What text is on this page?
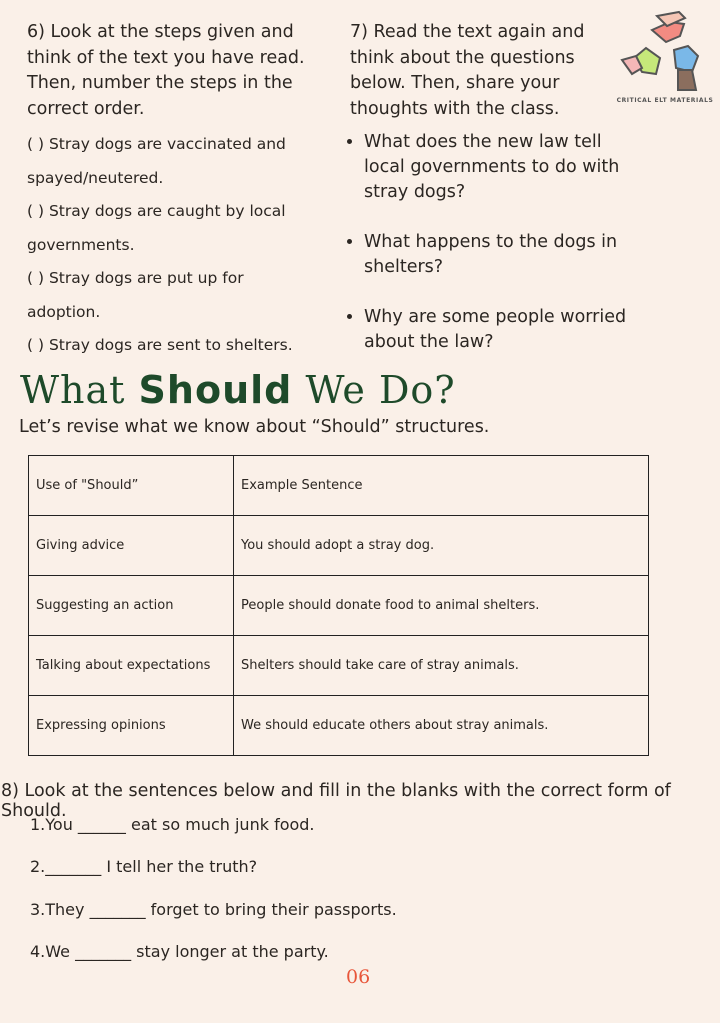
6) Look at the steps given and think of the text you have read. Then, number the steps in the correct order.
( ) Stray dogs are vaccinated and spayed/neutered.
( ) Stray dogs are caught by local governments.
( ) Stray dogs are put up for adoption.
( ) Stray dogs are sent to shelters.
7) Read the text again and think about the questions below. Then, share your thoughts with the class.
• What does the new law tell local governments to do with stray dogs?
• What happens to the dogs in shelters?
• Why are some people worried about the law?
CRITICAL ELT MATERIALS
What Should We Do?
Let’s revise what we know about “Should” structures.
Use of "Should”	Example Sentence
Giving advice	You should adopt a stray dog.
Suggesting an action	People should donate food to animal shelters.
Talking about expectations	Shelters should take care of stray animals.
Expressing opinions	We should educate others about stray animals.
8) Look at the sentences below and fill in the blanks with the correct form of Should.
1.You ______ eat so much junk food.
2._______ I tell her the truth?
3.They _______ forget to bring their passports.
4.We _______ stay longer at the party.
06
